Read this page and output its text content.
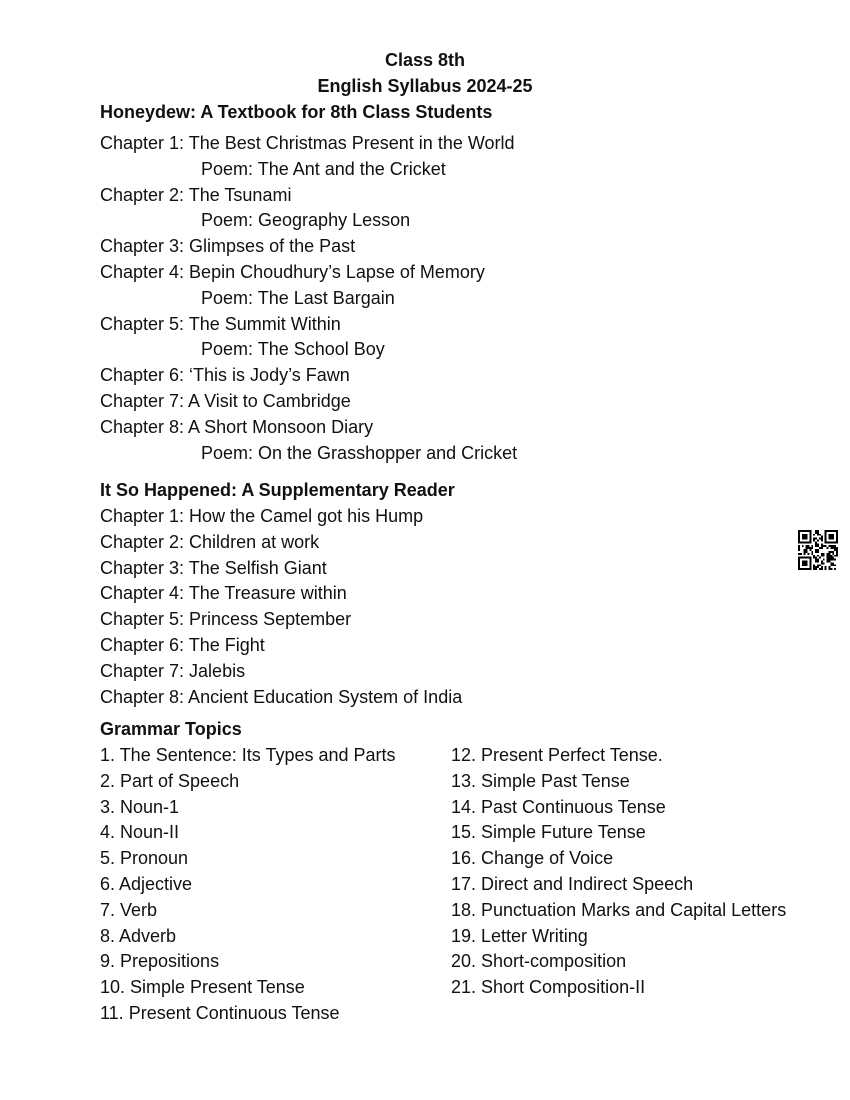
Class 8th
English Syllabus 2024-25
Honeydew: A Textbook for 8th Class Students
Chapter 1: The Best Christmas Present in the World
Poem: The Ant and the Cricket
Chapter 2: The Tsunami
Poem: Geography Lesson
Chapter 3: Glimpses of the Past
Chapter 4: Bepin Choudhury’s Lapse of Memory
Poem: The Last Bargain
Chapter 5: The Summit Within
Poem: The School Boy
Chapter 6: ‘This is Jody’s Fawn
Chapter 7: A Visit to Cambridge
Chapter 8: A Short Monsoon Diary
Poem: On the Grasshopper and Cricket
It So Happened: A Supplementary Reader
Chapter 1: How the Camel got his Hump
Chapter 2: Children at work
Chapter 3: The Selfish Giant
Chapter 4: The Treasure within
Chapter 5: Princess September
Chapter 6: The Fight
Chapter 7: Jalebis
Chapter 8: Ancient Education System of India
Grammar Topics
1. The Sentence: Its Types and Parts
2. Part of Speech
3. Noun-1
4. Noun-II
5. Pronoun
6. Adjective
7. Verb
8. Adverb
9. Prepositions
10. Simple Present Tense
11. Present Continuous Tense
12. Present Perfect Tense.
13. Simple Past Tense
14. Past Continuous Tense
15. Simple Future Tense
16. Change of Voice
17. Direct and Indirect Speech
18. Punctuation Marks and Capital Letters
19. Letter Writing
20. Short-composition
21. Short Composition-II
